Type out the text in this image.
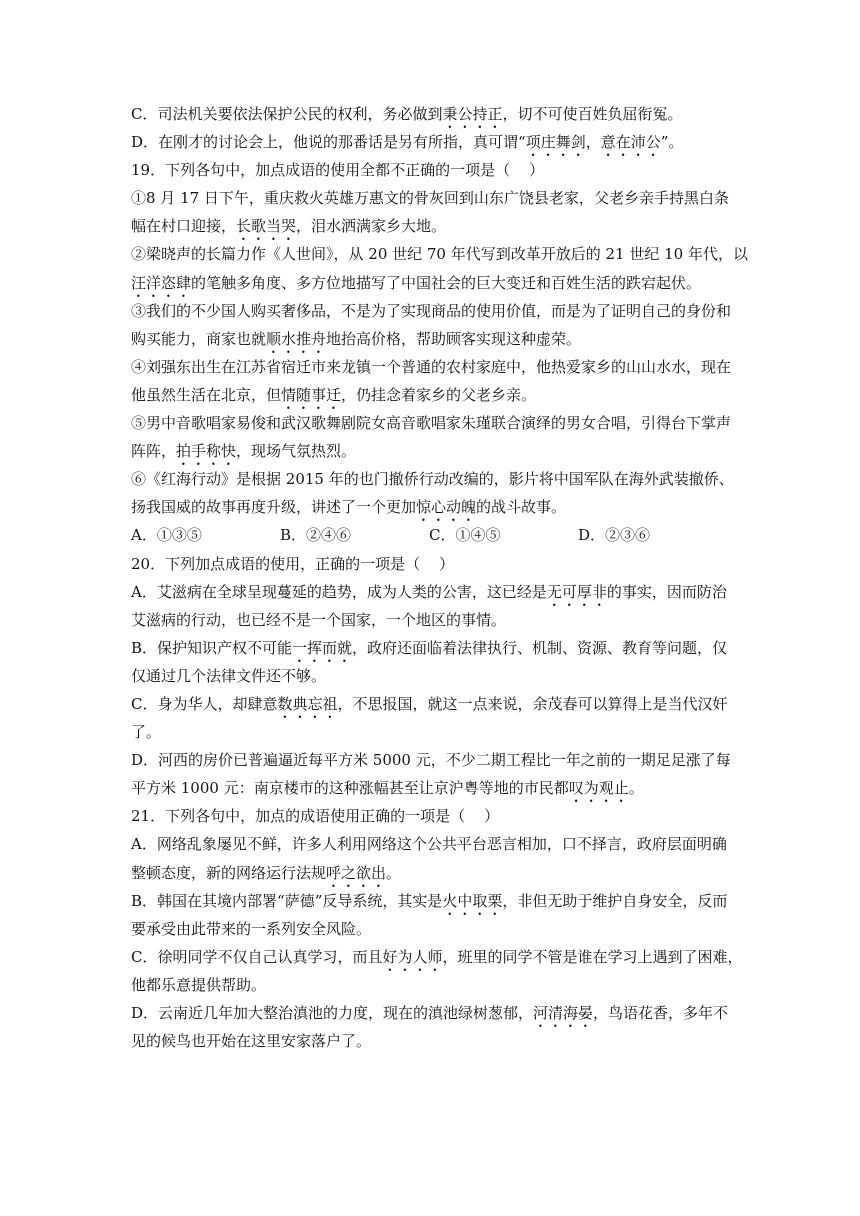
C．司法机关要依法保护公民的权利，务必做到秉公持正，切不可使百姓负屈衔冤。
D．在刚才的讨论会上，他说的那番话是另有所指，真可谓“项庄舞剑，意在沛公”。
19．下列各句中，加点成语的使用全都不正确的一项是（    ）
①8 月 17 日下午，重庆救火英雄万惠文的骨灰回到山东广饶县老家，父老乡亲手持黑白条
幅在村口迎接，长歌当哭，泪水洒满家乡大地。
②梁晓声的长篇力作《人世间》，从 20 世纪 70 年代写到改革开放后的 21 世纪 10 年代，以
汪洋恣肆的笔触多角度、多方位地描写了中国社会的巨大变迁和百姓生活的跌宕起伏。
③我们的不少国人购买奢侈品，不是为了实现商品的使用价值，而是为了证明自己的身份和
购买能力，商家也就顺水推舟地抬高价格，帮助顾客实现这种虚荣。
④刘强东出生在江苏省宿迁市来龙镇一个普通的农村家庭中，他热爱家乡的山山水水，现在
他虽然生活在北京，但情随事迁，仍挂念着家乡的父老乡亲。
⑤男中音歌唱家易俊和武汉歌舞剧院女高音歌唱家朱瑾联合演绎的男女合唱，引得台下掌声
阵阵，拍手称快，现场气氛热烈。
⑥《红海行动》是根据 2015 年的也门撤侨行动改编的，影片将中国军队在海外武装撤侨、
扬我国威的故事再度升级，讲述了一个更加惊心动魄的战斗故事。
A．①③⑤	B．②④⑥	C．①④⑤	D．②③⑥
20．下列加点成语的使用，正确的一项是（    ）
A．艾滋病在全球呈现蔓延的趋势，成为人类的公害，这已经是无可厚非的事实，因而防治
艾滋病的行动，也已经不是一个国家，一个地区的事情。
B．保护知识产权不可能一挥而就，政府还面临着法律执行、机制、资源、教育等问题，仅
仅通过几个法律文件还不够。
C．身为华人，却肆意数典忘祖，不思报国，就这一点来说，余茂春可以算得上是当代汉奸
了。
D．河西的房价已普遍逼近每平方米 5000 元，不少二期工程比一年之前的一期足足涨了每
平方米 1000 元：南京楼市的这种涨幅甚至让京沪粤等地的市民都叹为观止。
21．下列各句中，加点的成语使用正确的一项是（    ）
A．网络乱象屡见不鲜，许多人利用网络这个公共平台恶言相加，口不择言，政府层面明确
整顿态度，新的网络运行法规呼之欲出。
B．韩国在其境内部署“萨德”反导系统，其实是火中取栗，非但无助于维护自身安全，反而
要承受由此带来的一系列安全风险。
C．徐明同学不仅自己认真学习，而且好为人师，班里的同学不管是谁在学习上遇到了困难，
他都乐意提供帮助。
D．云南近几年加大整治滇池的力度，现在的滇池绿树葱郁，河清海晏，鸟语花香，多年不
见的候鸟也开始在这里安家落户了。
